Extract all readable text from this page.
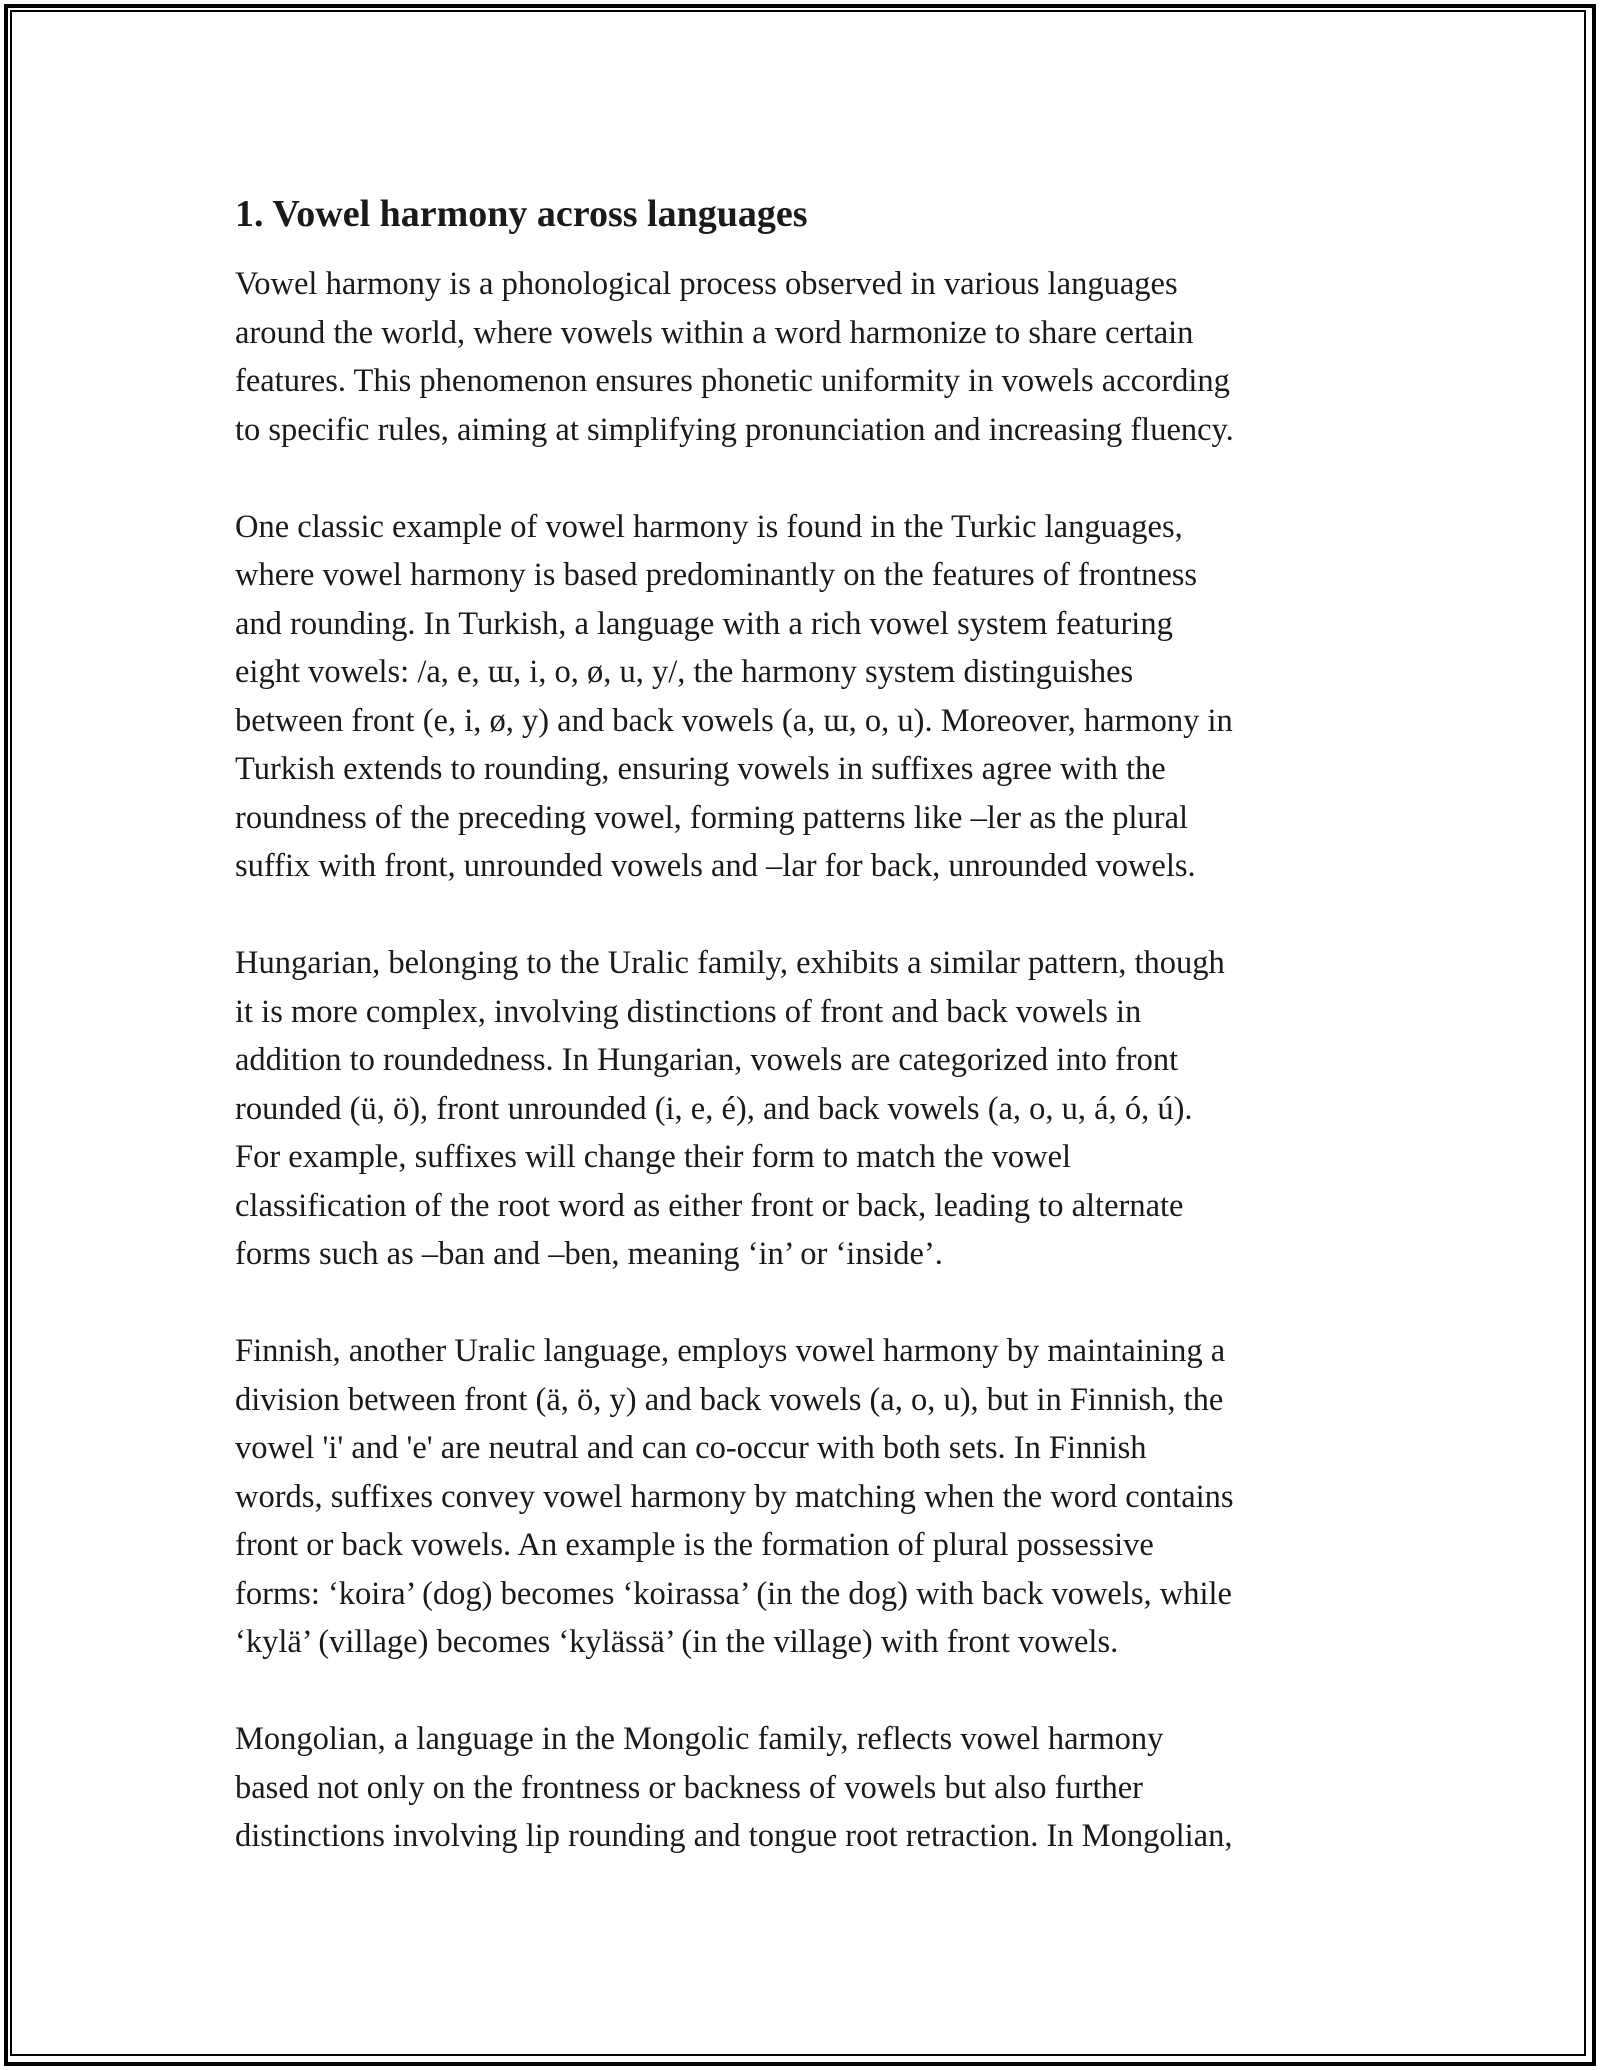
1. Vowel harmony across languages

Vowel harmony is a phonological process observed in various languages
around the world, where vowels within a word harmonize to share certain
features. This phenomenon ensures phonetic uniformity in vowels according
to specific rules, aiming at simplifying pronunciation and increasing fluency.

One classic example of vowel harmony is found in the Turkic languages,
where vowel harmony is based predominantly on the features of frontness
and rounding. In Turkish, a language with a rich vowel system featuring
eight vowels: /a, e, ɯ, i, o, ø, u, y/, the harmony system distinguishes
between front (e, i, ø, y) and back vowels (a, ɯ, o, u). Moreover, harmony in
Turkish extends to rounding, ensuring vowels in suffixes agree with the
roundness of the preceding vowel, forming patterns like –ler as the plural
suffix with front, unrounded vowels and –lar for back, unrounded vowels.

Hungarian, belonging to the Uralic family, exhibits a similar pattern, though
it is more complex, involving distinctions of front and back vowels in
addition to roundedness. In Hungarian, vowels are categorized into front
rounded (ü, ö), front unrounded (i, e, é), and back vowels (a, o, u, á, ó, ú).
For example, suffixes will change their form to match the vowel
classification of the root word as either front or back, leading to alternate
forms such as –ban and –ben, meaning ‘in’ or ‘inside’.

Finnish, another Uralic language, employs vowel harmony by maintaining a
division between front (ä, ö, y) and back vowels (a, o, u), but in Finnish, the
vowel 'i' and 'e' are neutral and can co-occur with both sets. In Finnish
words, suffixes convey vowel harmony by matching when the word contains
front or back vowels. An example is the formation of plural possessive
forms: ‘koira’ (dog) becomes ‘koirassa’ (in the dog) with back vowels, while
‘kylä’ (village) becomes ‘kylässä’ (in the village) with front vowels.

Mongolian, a language in the Mongolic family, reflects vowel harmony
based not only on the frontness or backness of vowels but also further
distinctions involving lip rounding and tongue root retraction. In Mongolian,
